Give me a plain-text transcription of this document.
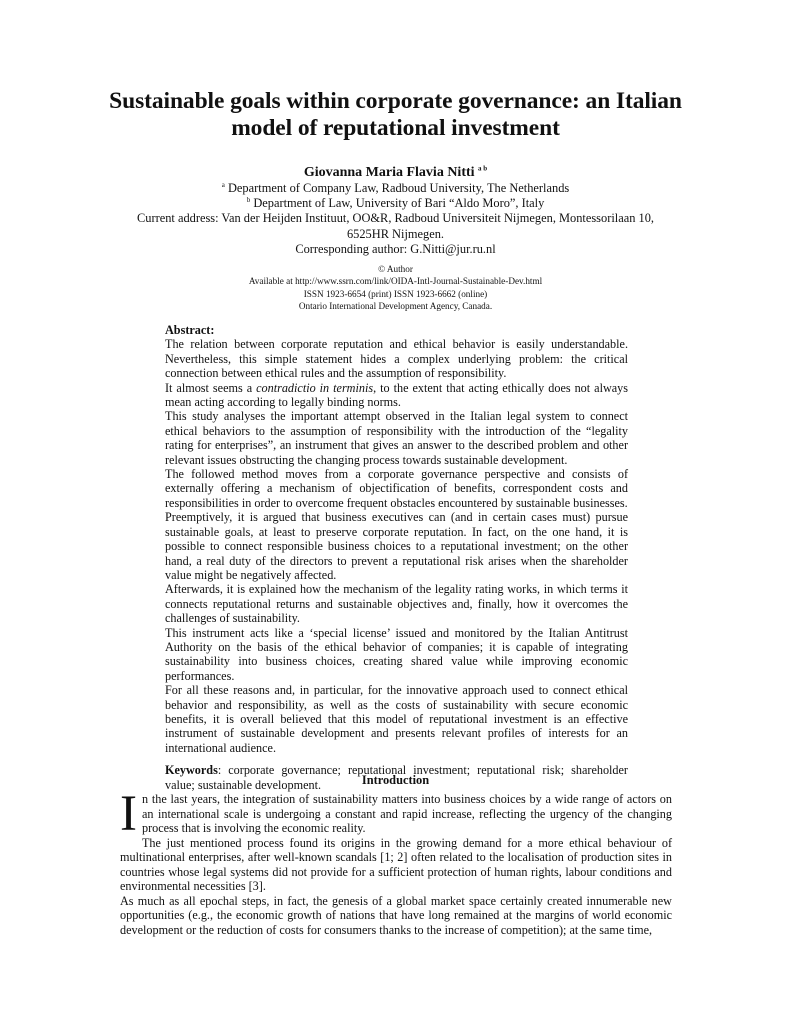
Sustainable goals within corporate governance: an Italian
model of reputational investment
Giovanna Maria Flavia Nitti $^{a b}$
$^a$ Department of Company Law, Radboud University, The Netherlands
$^b$ Department of Law, University of Bari “Aldo Moro”, Italy
Current address: Van der Heijden Instituut, OO&R, Radboud Universiteit Nijmegen, Montessorilaan 10,
6525HR Nijmegen.
Corresponding author: G.Nitti@jur.ru.nl
© Author
Available at http://www.ssrn.com/link/OIDA-Intl-Journal-Sustainable-Dev.html
ISSN 1923-6654 (print) ISSN 1923-6662 (online)
Ontario International Development Agency, Canada.

Abstract:

The relation between corporate reputation and ethical behavior is easily understandable. Nevertheless, this simple statement hides a complex underlying problem: the critical connection between ethical rules and the assumption of responsibility.

It almost seems a contradictio in terminis, to the extent that acting ethically does not always mean acting according to legally binding norms.

This study analyses the important attempt observed in the Italian legal system to connect ethical behaviors to the assumption of responsibility with the introduction of the “legality rating for enterprises”, an instrument that gives an answer to the described problem and other relevant issues obstructing the changing process towards sustainable development.

The followed method moves from a corporate governance perspective and consists of externally offering a mechanism of objectification of benefits, correspondent costs and responsibilities in order to overcome frequent obstacles encountered by sustainable businesses.

Preemptively, it is argued that business executives can (and in certain cases must) pursue sustainable goals, at least to preserve corporate reputation. In fact, on the one hand, it is possible to connect responsible business choices to a reputational investment; on the other hand, a real duty of the directors to prevent a reputational risk arises when the shareholder value might be negatively affected.

Afterwards, it is explained how the mechanism of the legality rating works, in which terms it connects reputational returns and sustainable objectives and, finally, how it overcomes the challenges of sustainability.

This instrument acts like a ‘special license’ issued and monitored by the Italian Antitrust Authority on the basis of the ethical behavior of companies; it is capable of integrating sustainability into business choices, creating shared value while improving economic performances.

For all these reasons and, in particular, for the innovative approach used to connect ethical behavior and responsibility, as well as the costs of sustainability with secure economic benefits, it is overall believed that this model of reputational investment is an effective instrument of sustainable development and presents relevant profiles of interests for an international audience.

Keywords: corporate governance; reputational investment; reputational risk; shareholder value; sustainable development.	Introduction

In the last years, the integration of sustainability matters into business choices by a wide range of actors on an international scale is undergoing a constant and rapid increase, reflecting the urgency of the changing process that is involving the economic reality.

The just mentioned process found its origins in the growing demand for a more ethical behaviour of multinational enterprises, after well-known scandals [1; 2] often related to the localisation of production sites in countries whose legal systems did not provide for a sufficient protection of human rights, labour conditions and environmental necessities [3].

As much as all epochal steps, in fact, the genesis of a global market space certainly created innumerable new opportunities (e.g., the economic growth of nations that have long remained at the margins of world economic development or the reduction of costs for consumers thanks to the increase of competition); at the same time,
